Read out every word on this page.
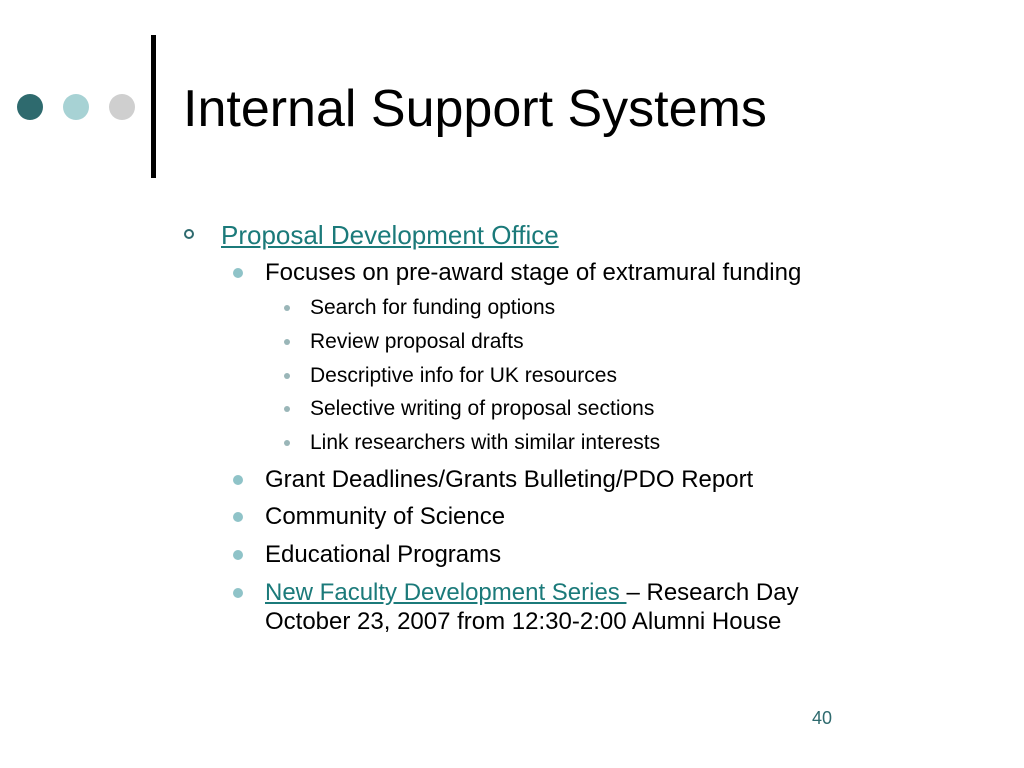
Internal Support Systems
Proposal Development Office
Focuses on pre-award stage of extramural funding
Search for funding options
Review proposal drafts
Descriptive info for UK resources
Selective writing of proposal sections
Link researchers with similar interests
Grant Deadlines/Grants Bulleting/PDO Report
Community of Science
Educational Programs
New Faculty Development Series – Research Day
October 23, 2007 from 12:30-2:00 Alumni House
40
